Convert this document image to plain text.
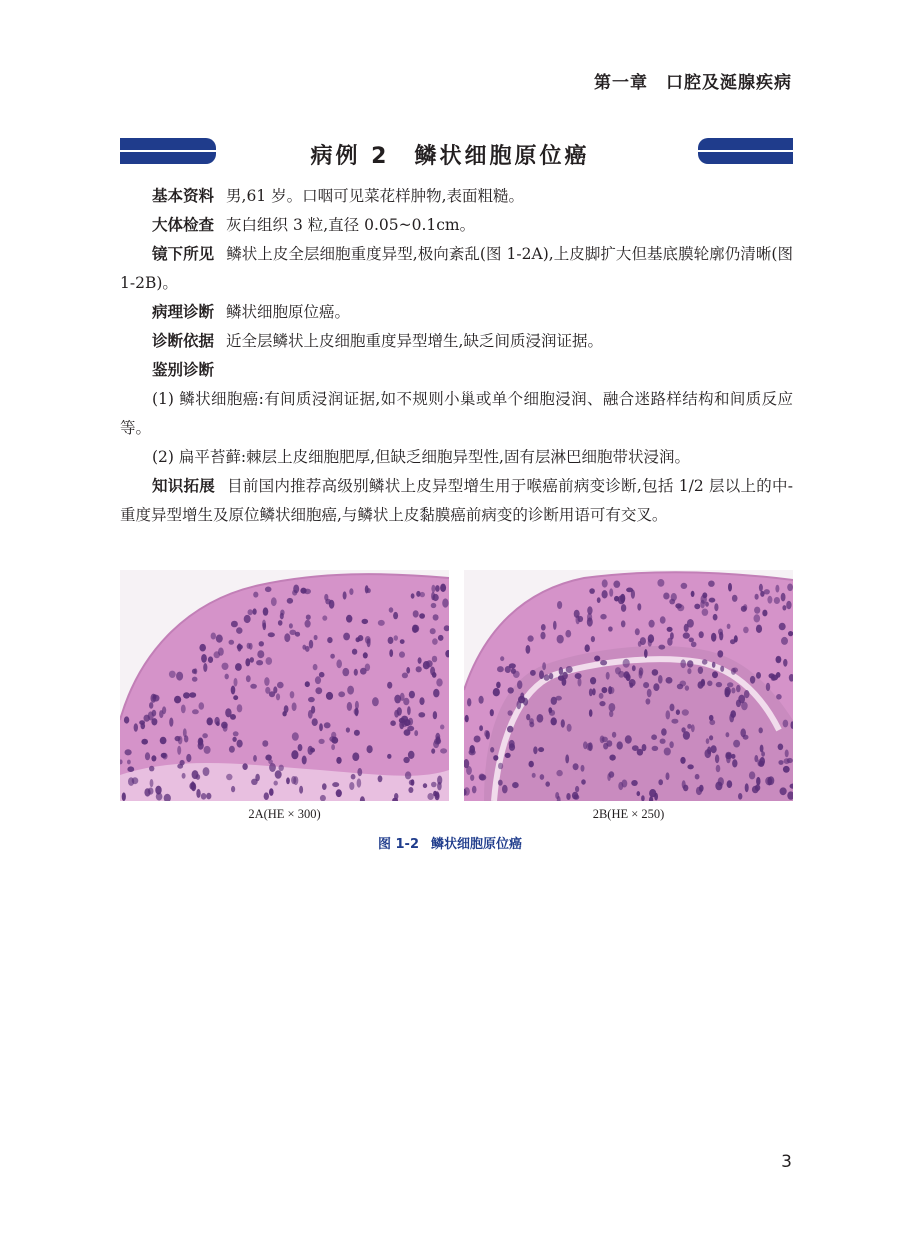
第一章　口腔及涎腺疾病
病例 2　鳞状细胞原位癌

基本资料 男,61 岁。口咽可见菜花样肿物,表面粗糙。

大体检查 灰白组织 3 粒,直径 0.05~0.1cm。

镜下所见 鳞状上皮全层细胞重度异型,极向紊乱(图 1-2A),上皮脚扩大但基底膜轮廓仍清晰(图 1-2B)。

病理诊断 鳞状细胞原位癌。

诊断依据 近全层鳞状上皮细胞重度异型增生,缺乏间质浸润证据。

鉴别诊断

(1) 鳞状细胞癌:有间质浸润证据,如不规则小巢或单个细胞浸润、融合迷路样结构和间质反应等。

(2) 扁平苔藓:棘层上皮细胞肥厚,但缺乏细胞异型性,固有层淋巴细胞带状浸润。

知识拓展 目前国内推荐高级别鳞状上皮异型增生用于喉癌前病变诊断,包括 1/2 层以上的中-重度异型增生及原位鳞状细胞癌,与鳞状上皮黏膜癌前病变的诊断用语可有交叉。

2A(HE × 300)	2B(HE × 250)
图 1-2 鳞状细胞原位癌
3
